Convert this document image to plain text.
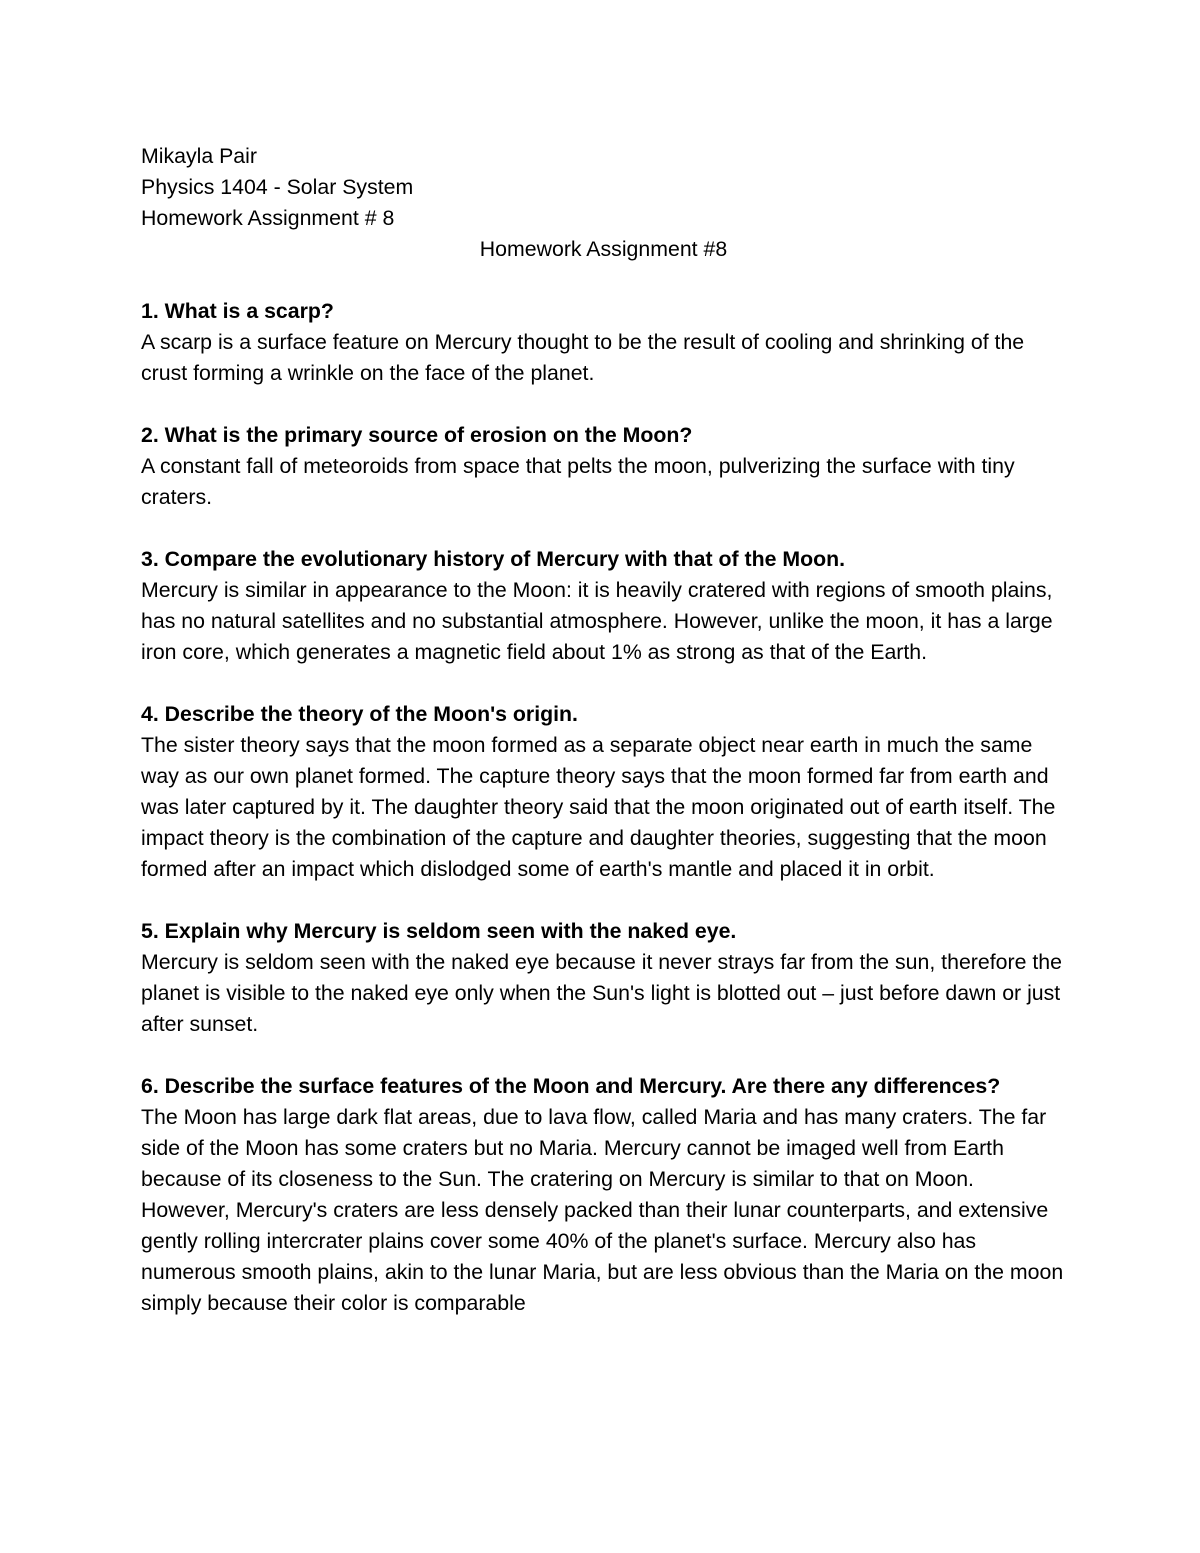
Mikayla Pair
Physics 1404 - Solar System
Homework Assignment # 8
Homework Assignment #8
1. What is a scarp?
A scarp is a surface feature on Mercury thought to be the result of cooling and shrinking of the crust forming a wrinkle on the face of the planet.
2. What is the primary source of erosion on the Moon?
A constant fall of meteoroids from space that pelts the moon, pulverizing the surface with tiny craters.
3. Compare the evolutionary history of Mercury with that of the Moon.
Mercury is similar in appearance to the Moon: it is heavily cratered with regions of smooth plains, has no natural satellites and no substantial atmosphere. However, unlike the moon, it has a large iron core, which generates a magnetic field about 1% as strong as that of the Earth.
4. Describe the theory of the Moon's origin.
The sister theory says that the moon formed as a separate object near earth in much the same way as our own planet formed. The capture theory says that the moon formed far from earth and was later captured by it. The daughter theory said that the moon originated out of earth itself. The impact theory is the combination of the capture and daughter theories, suggesting that the moon formed after an impact which dislodged some of earth's mantle and placed it in orbit.
5. Explain why Mercury is seldom seen with the naked eye.
Mercury is seldom seen with the naked eye because it never strays far from the sun, therefore the planet is visible to the naked eye only when the Sun's light is blotted out – just before dawn or just after sunset.
6. Describe the surface features of the Moon and Mercury. Are there any differences?
The Moon has large dark flat areas, due to lava flow, called Maria and has many craters. The far side of the Moon has some craters but no Maria. Mercury cannot be imaged well from Earth because of its closeness to the Sun. The cratering on Mercury is similar to that on Moon. However, Mercury's craters are less densely packed than their lunar counterparts, and extensive gently rolling intercrater plains cover some 40% of the planet's surface. Mercury also has numerous smooth plains, akin to the lunar Maria, but are less obvious than the Maria on the moon simply because their color is comparable
